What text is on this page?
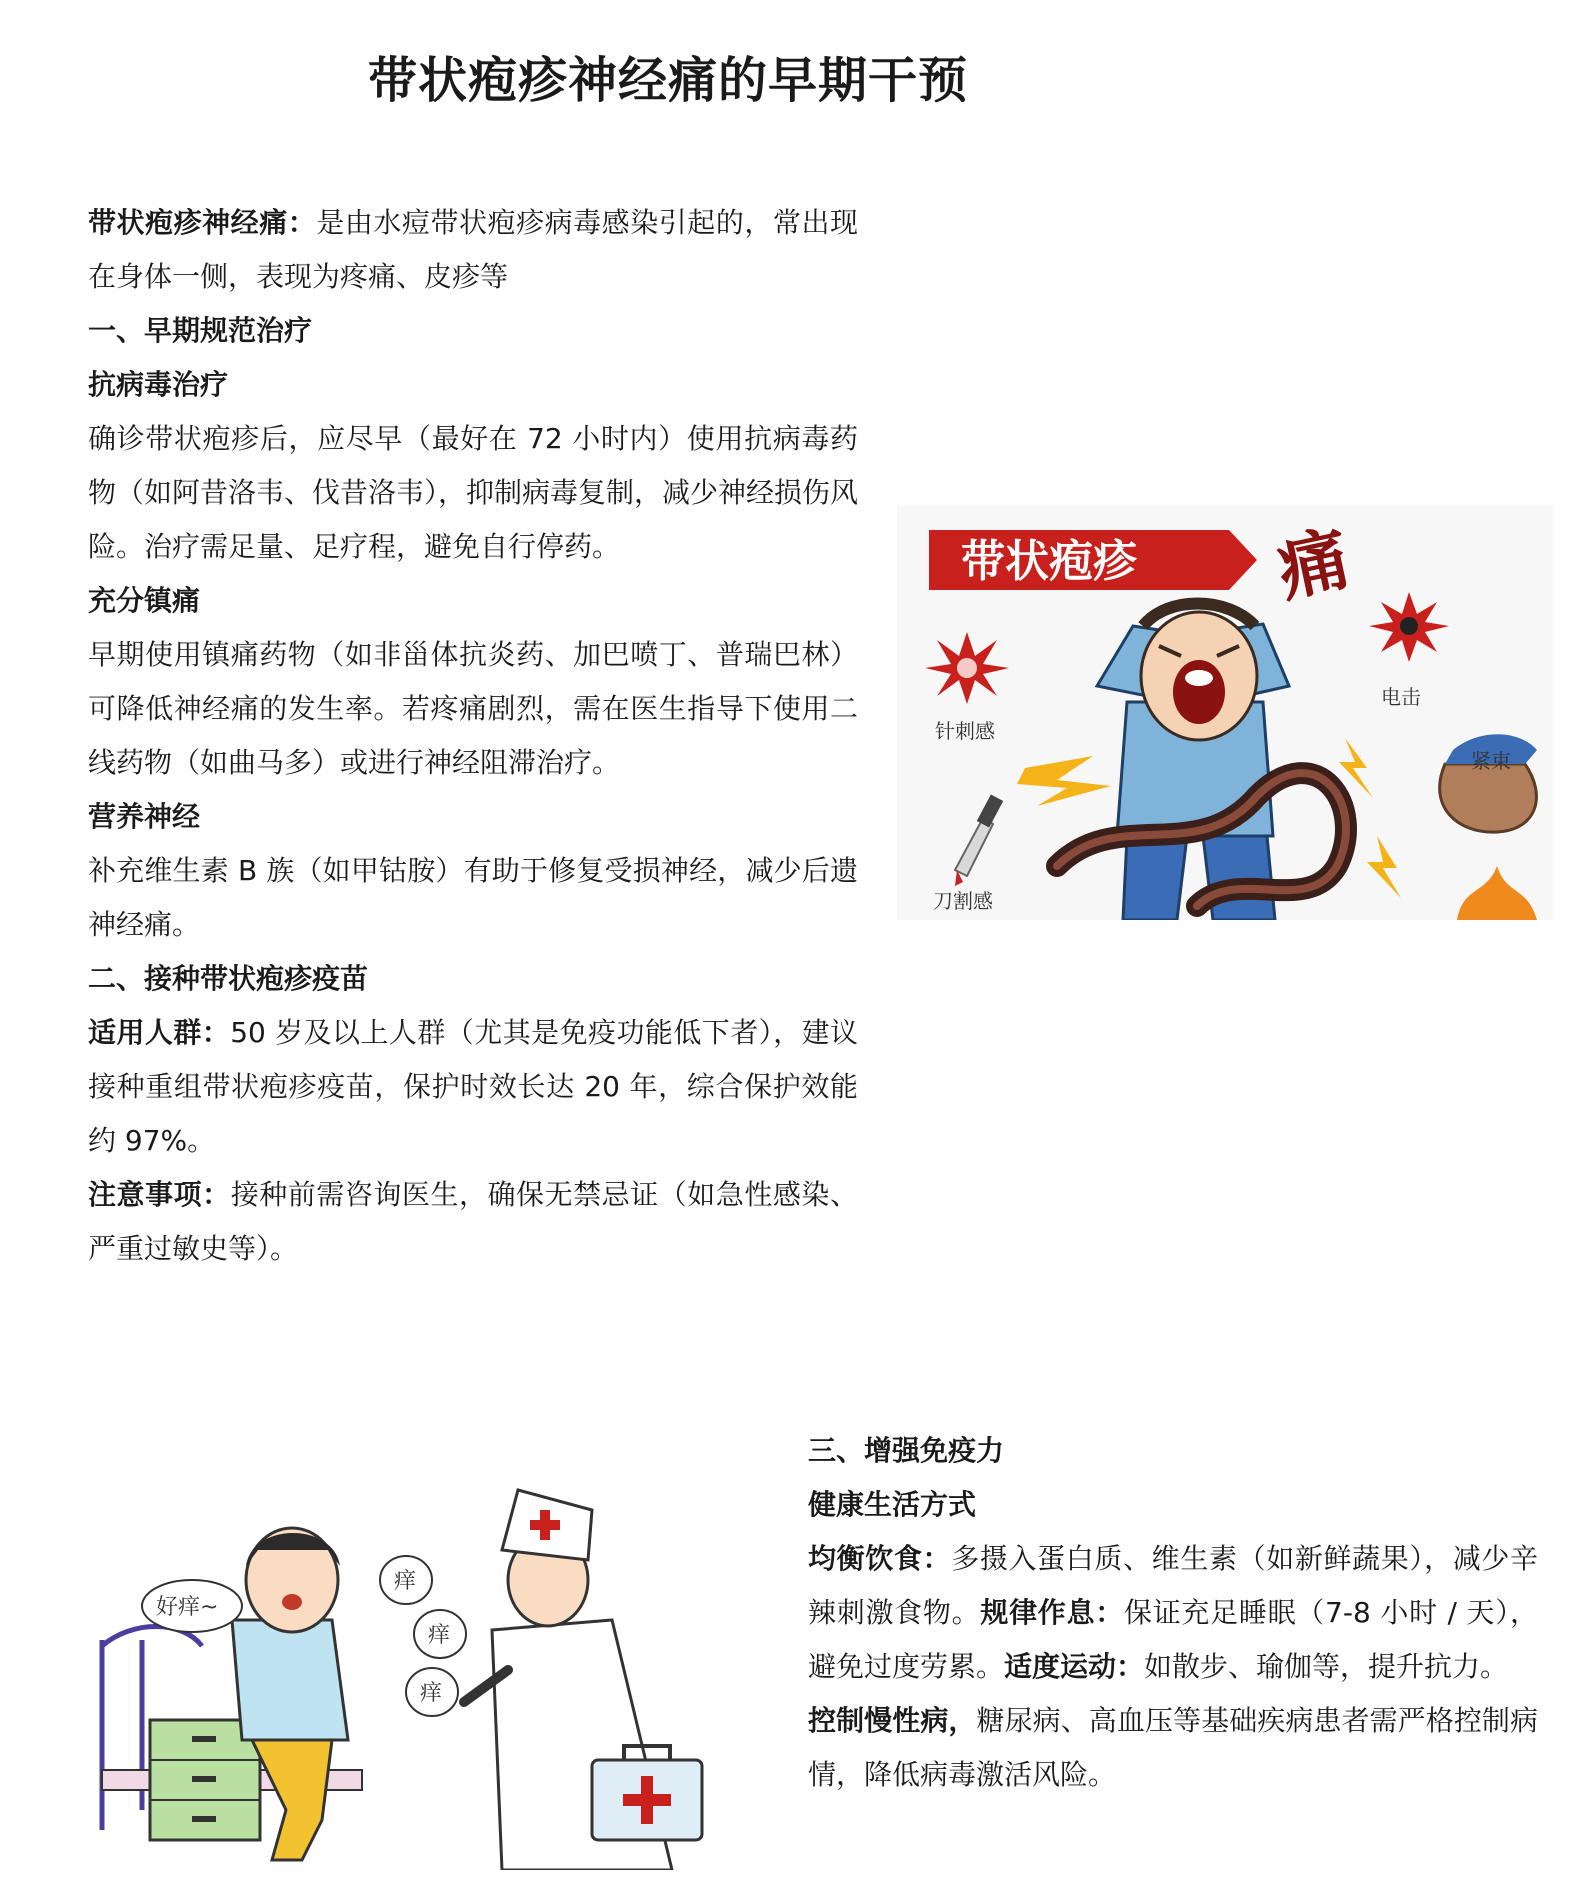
带状疱疹神经痛的早期干预

带状疱疹神经痛：是由水痘带状疱疹病毒感染引起的，常出现在身体一侧，表现为疼痛、皮疹等

一、早期规范治疗

抗病毒治疗

确诊带状疱疹后，应尽早（最好在 72 小时内）使用抗病毒药物（如阿昔洛韦、伐昔洛韦），抑制病毒复制，减少神经损伤风险。治疗需足量、足疗程，避免自行停药。

充分镇痛

早期使用镇痛药物（如非甾体抗炎药、加巴喷丁、普瑞巴林）可降低神经痛的发生率。若疼痛剧烈，需在医生指导下使用二线药物（如曲马多）或进行神经阻滞治疗。

营养神经

补充维生素 B 族（如甲钴胺）有助于修复受损神经，减少后遗神经痛。

二、接种带状疱疹疫苗

适用人群：50 岁及以上人群（尤其是免疫功能低下者），建议接种重组带状疱疹疫苗，保护时效长达 20 年，综合保护效能约 97%。

注意事项：接种前需咨询医生，确保无禁忌证（如急性感染、严重过敏史等）。

带状疱疹 痛
针刺感
电击
紧束
刀割感
好痒~
痒
痒
痒

三、增强免疫力

健康生活方式

均衡饮食：多摄入蛋白质、维生素（如新鲜蔬果），减少辛辣刺激食物。规律作息：保证充足睡眠（7-8 小时 / 天），避免过度劳累。适度运动：如散步、瑜伽等，提升抗力。

控制慢性病，糖尿病、高血压等基础疾病患者需严格控制病情，降低病毒激活风险。
